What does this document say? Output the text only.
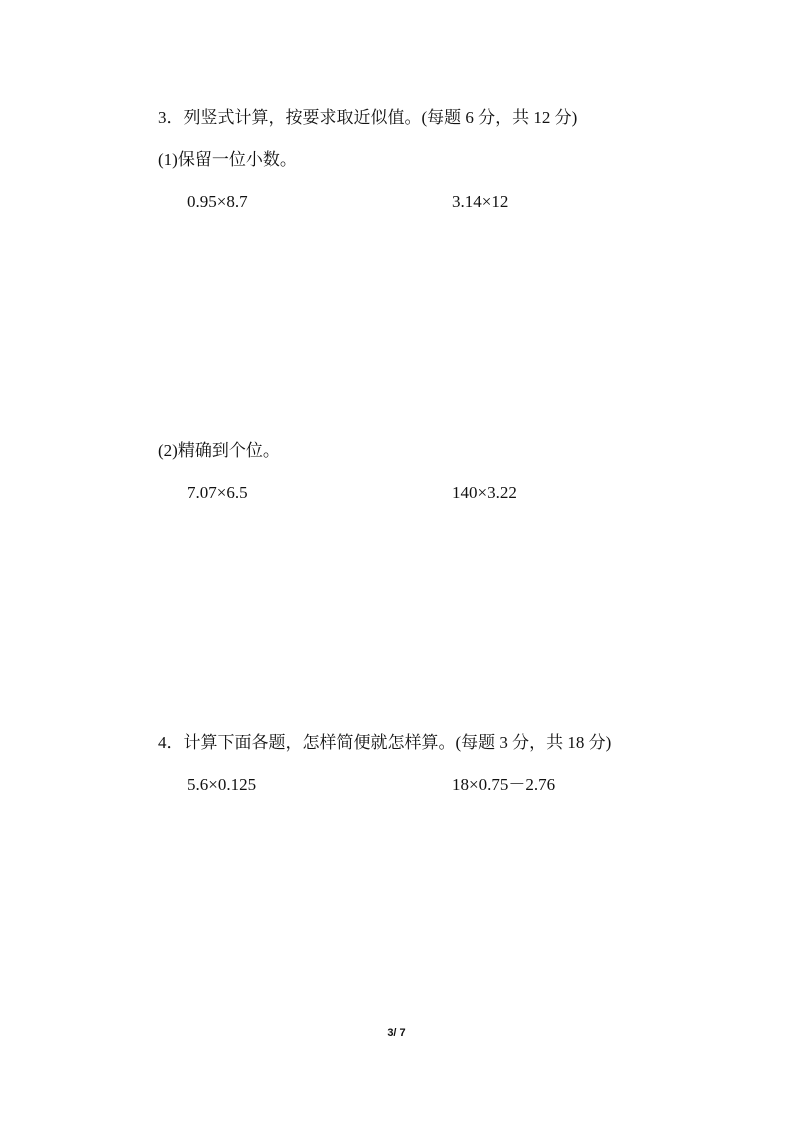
3．列竖式计算，按要求取近似值。(每题 6 分，共 12 分)
(1)保留一位小数。
0.95×8.7	3.14×12
(2)精确到个位。
7.07×6.5	140×3.22
4．计算下面各题，怎样简便就怎样算。(每题 3 分，共 18 分)
5.6×0.125	18×0.75－2.76
3/ 7
